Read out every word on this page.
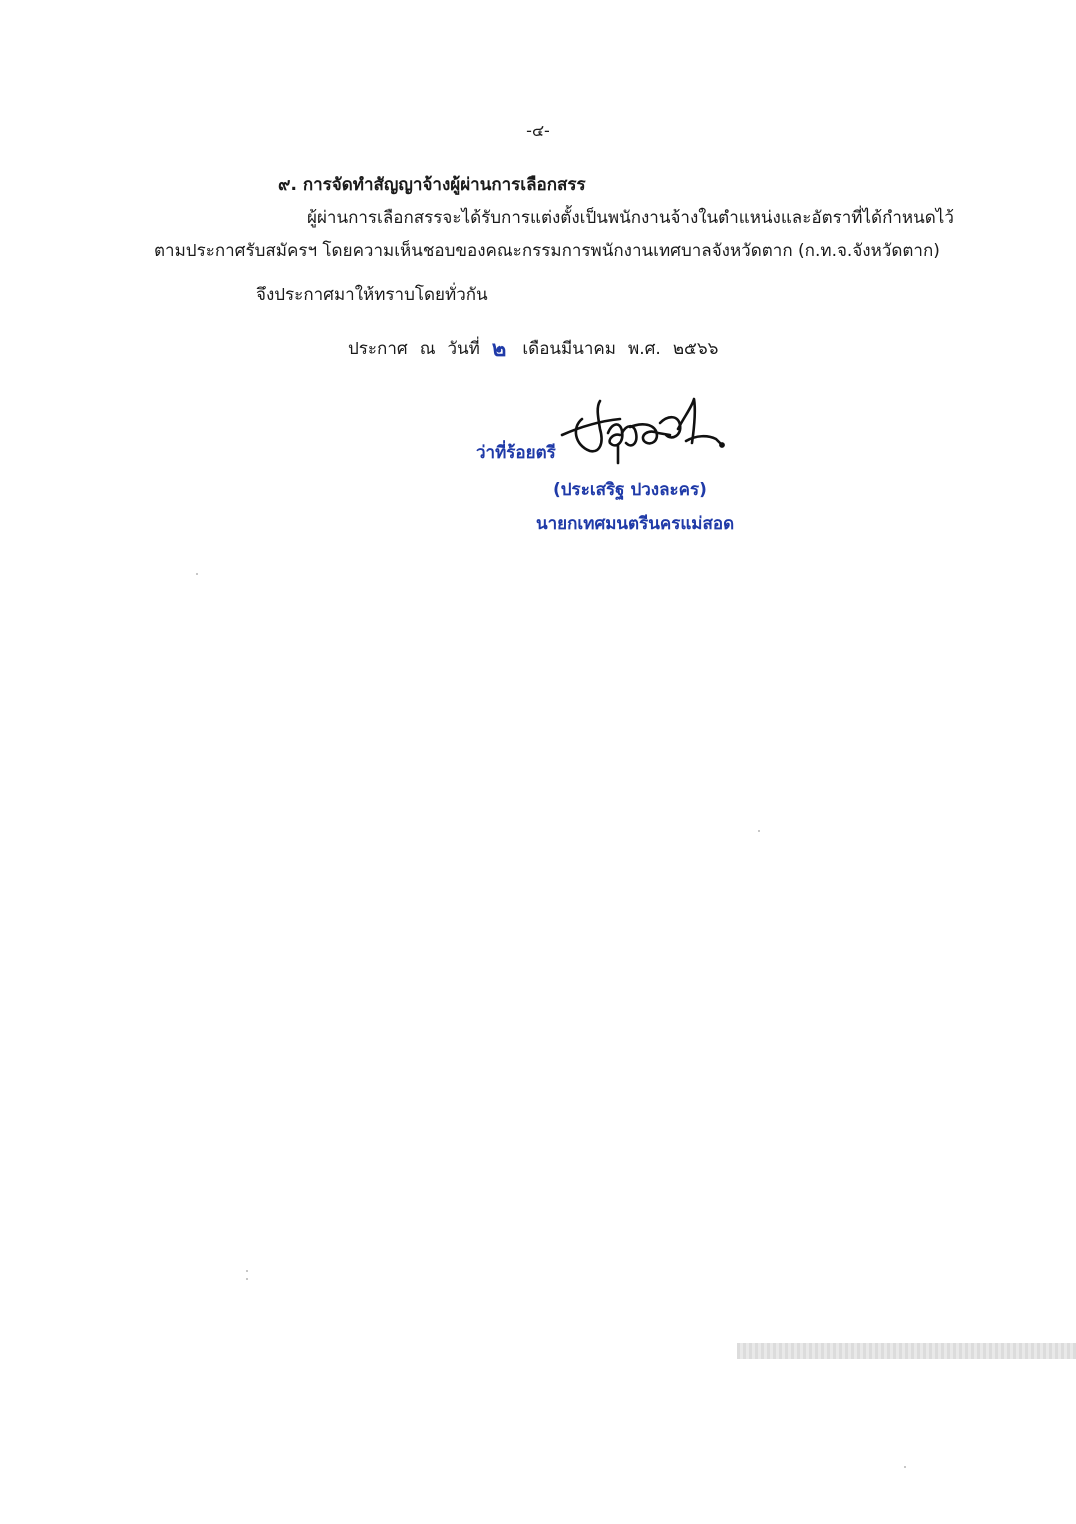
-๔-
๙. การจัดทำสัญญาจ้างผู้ผ่านการเลือกสรร
ผู้ผ่านการเลือกสรรจะได้รับการแต่งตั้งเป็นพนักงานจ้างในตำแหน่งและอัตราที่ได้กำหนดไว้
ตามประกาศรับสมัครฯ โดยความเห็นชอบของคณะกรรมการพนักงานเทศบาลจังหวัดตาก (ก.ท.จ.จังหวัดตาก)
จึงประกาศมาให้ทราบโดยทั่วกัน
ประกาศ ณ วันที่ ๒ เดือนมีนาคม พ.ศ. ๒๕๖๖
ว่าที่ร้อยตรี
(ประเสริฐ ปวงละคร)
นายกเทศมนตรีนครแม่สอด
